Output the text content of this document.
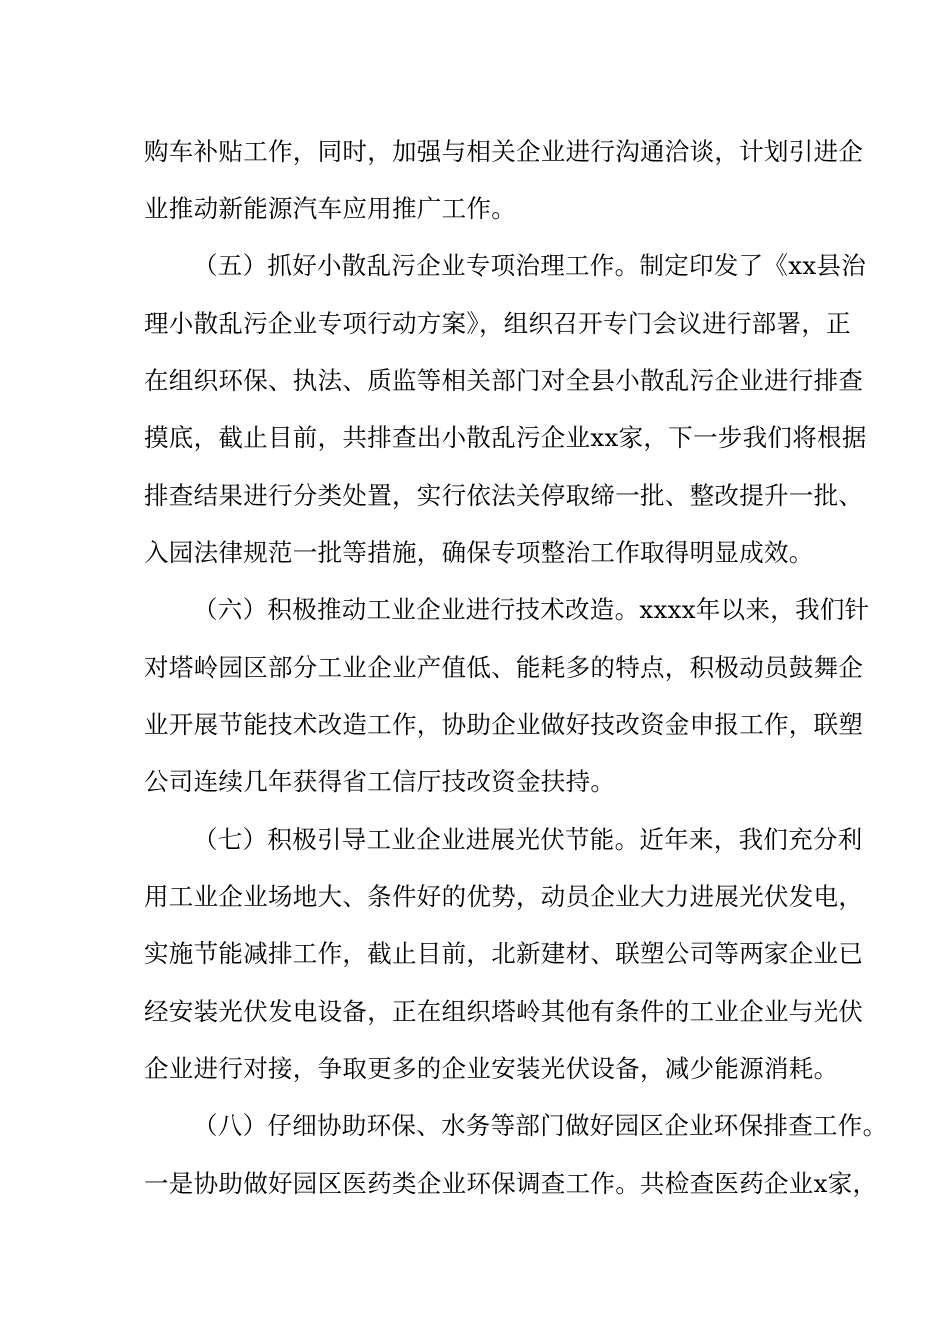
购车补贴工作，同时，加强与相关企业进行沟通洽谈，计划引进企
业推动新能源汽车应用推广工作。
（五）抓好小散乱污企业专项治理工作。制定印发了《xx县治
理小散乱污企业专项行动方案》，组织召开专门会议进行部署，正
在组织环保、执法、质监等相关部门对全县小散乱污企业进行排查
摸底，截止目前，共排查出小散乱污企业xx家，下一步我们将根据
排查结果进行分类处置，实行依法关停取缔一批、整改提升一批、
入园法律规范一批等措施，确保专项整治工作取得明显成效。
（六）积极推动工业企业进行技术改造。xxxx年以来，我们针
对塔岭园区部分工业企业产值低、能耗多的特点，积极动员鼓舞企
业开展节能技术改造工作，协助企业做好技改资金申报工作，联塑
公司连续几年获得省工信厅技改资金扶持。
（七）积极引导工业企业进展光伏节能。近年来，我们充分利
用工业企业场地大、条件好的优势，动员企业大力进展光伏发电，
实施节能减排工作，截止目前，北新建材、联塑公司等两家企业已
经安装光伏发电设备，正在组织塔岭其他有条件的工业企业与光伏
企业进行对接，争取更多的企业安装光伏设备，减少能源消耗。
（八）仔细协助环保、水务等部门做好园区企业环保排查工作。
一是协助做好园区医药类企业环保调查工作。共检查医药企业x家，
